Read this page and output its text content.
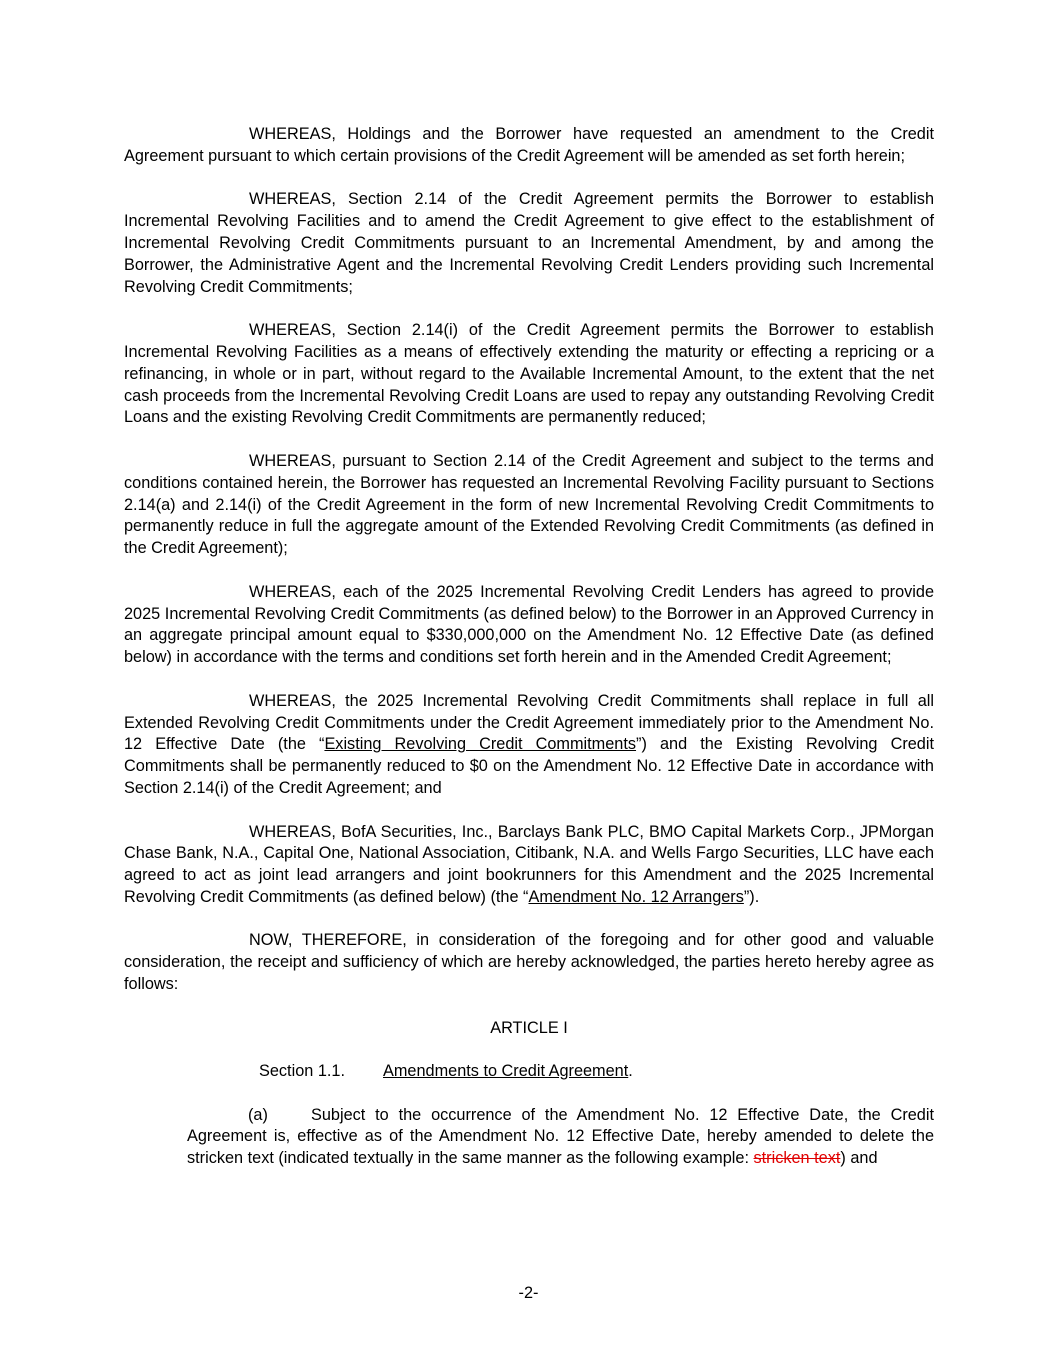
WHEREAS, Holdings and the Borrower have requested an amendment to the Credit Agreement pursuant to which certain provisions of the Credit Agreement will be amended as set forth herein;

WHEREAS, Section 2.14 of the Credit Agreement permits the Borrower to establish Incremental Revolving Facilities and to amend the Credit Agreement to give effect to the establishment of Incremental Revolving Credit Commitments pursuant to an Incremental Amendment, by and among the Borrower, the Administrative Agent and the Incremental Revolving Credit Lenders providing such Incremental Revolving Credit Commitments;

WHEREAS, Section 2.14(i) of the Credit Agreement permits the Borrower to establish Incremental Revolving Facilities as a means of effectively extending the maturity or effecting a repricing or a refinancing, in whole or in part, without regard to the Available Incremental Amount, to the extent that the net cash proceeds from the Incremental Revolving Credit Loans are used to repay any outstanding Revolving Credit Loans and the existing Revolving Credit Commitments are permanently reduced;

WHEREAS, pursuant to Section 2.14 of the Credit Agreement and subject to the terms and conditions contained herein, the Borrower has requested an Incremental Revolving Facility pursuant to Sections 2.14(a) and 2.14(i) of the Credit Agreement in the form of new Incremental Revolving Credit Commitments to permanently reduce in full the aggregate amount of the Extended Revolving Credit Commitments (as defined in the Credit Agreement);

WHEREAS, each of the 2025 Incremental Revolving Credit Lenders has agreed to provide 2025 Incremental Revolving Credit Commitments (as defined below) to the Borrower in an Approved Currency in an aggregate principal amount equal to $330,000,000 on the Amendment No. 12 Effective Date (as defined below) in accordance with the terms and conditions set forth herein and in the Amended Credit Agreement;

WHEREAS, the 2025 Incremental Revolving Credit Commitments shall replace in full all Extended Revolving Credit Commitments under the Credit Agreement immediately prior to the Amendment No. 12 Effective Date (the “Existing Revolving Credit Commitments”) and the Existing Revolving Credit Commitments shall be permanently reduced to $0 on the Amendment No. 12 Effective Date in accordance with Section 2.14(i) of the Credit Agreement; and

WHEREAS, BofA Securities, Inc., Barclays Bank PLC, BMO Capital Markets Corp., JPMorgan Chase Bank, N.A., Capital One, National Association, Citibank, N.A. and Wells Fargo Securities, LLC have each agreed to act as joint lead arrangers and joint bookrunners for this Amendment and the 2025 Incremental Revolving Credit Commitments (as defined below) (the “Amendment No. 12 Arrangers”).

NOW, THEREFORE, in consideration of the foregoing and for other good and valuable consideration, the receipt and sufficiency of which are hereby acknowledged, the parties hereto hereby agree as follows:

ARTICLE I

Section 1.1. Amendments to Credit Agreement.

(a)	Subject to the occurrence of the Amendment No. 12 Effective Date, the Credit Agreement is, effective as of the Amendment No. 12 Effective Date, hereby amended to delete the stricken text (indicated textually in the same manner as the following example: stricken text) and

-2-
